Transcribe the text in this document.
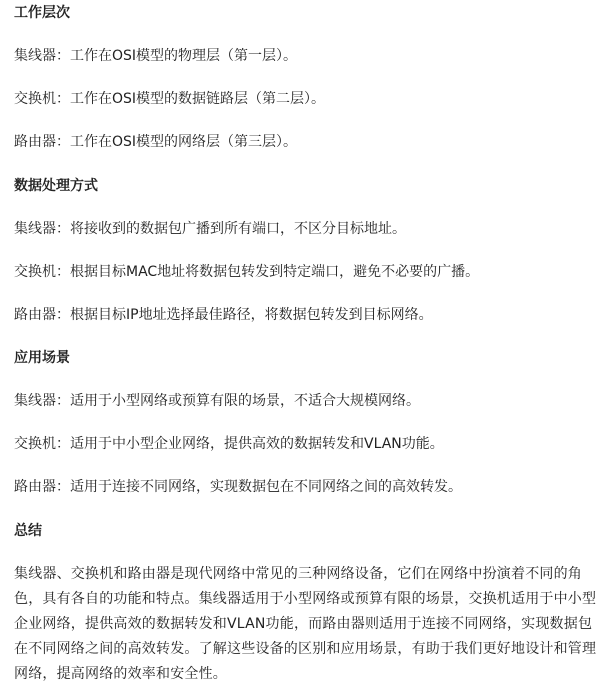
工作层次

集线器：工作在OSI模型的物理层（第一层）。

交换机：工作在OSI模型的数据链路层（第二层）。

路由器：工作在OSI模型的网络层（第三层）。

数据处理方式

集线器：将接收到的数据包广播到所有端口，不区分目标地址。

交换机：根据目标MAC地址将数据包转发到特定端口，避免不必要的广播。

路由器：根据目标IP地址选择最佳路径，将数据包转发到目标网络。

应用场景

集线器：适用于小型网络或预算有限的场景，不适合大规模网络。

交换机：适用于中小型企业网络，提供高效的数据转发和VLAN功能。

路由器：适用于连接不同网络，实现数据包在不同网络之间的高效转发。

总结

集线器、交换机和路由器是现代网络中常见的三种网络设备，它们在网络中扮演着不同的角色，具有各自的功能和特点。集线器适用于小型网络或预算有限的场景，交换机适用于中小型企业网络，提供高效的数据转发和VLAN功能，而路由器则适用于连接不同网络，实现数据包在不同网络之间的高效转发。了解这些设备的区别和应用场景，有助于我们更好地设计和管理网络，提高网络的效率和安全性。
